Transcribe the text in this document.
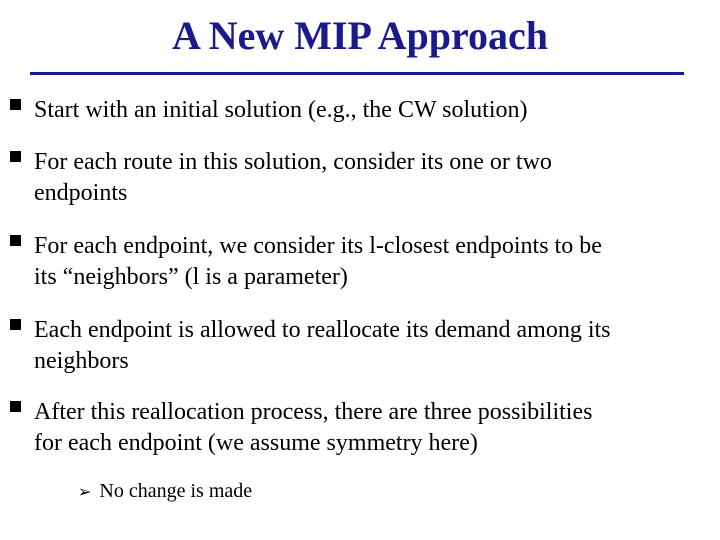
A New MIP Approach
Start with an initial solution (e.g., the CW solution)
For each route in this solution, consider its one or two
endpoints
For each endpoint, we consider its l-closest endpoints to be
its “neighbors” (l is a parameter)
Each endpoint is allowed to reallocate its demand among its
neighbors
After this reallocation process, there are three possibilities
for each endpoint (we assume symmetry here)
➢ No change is made
